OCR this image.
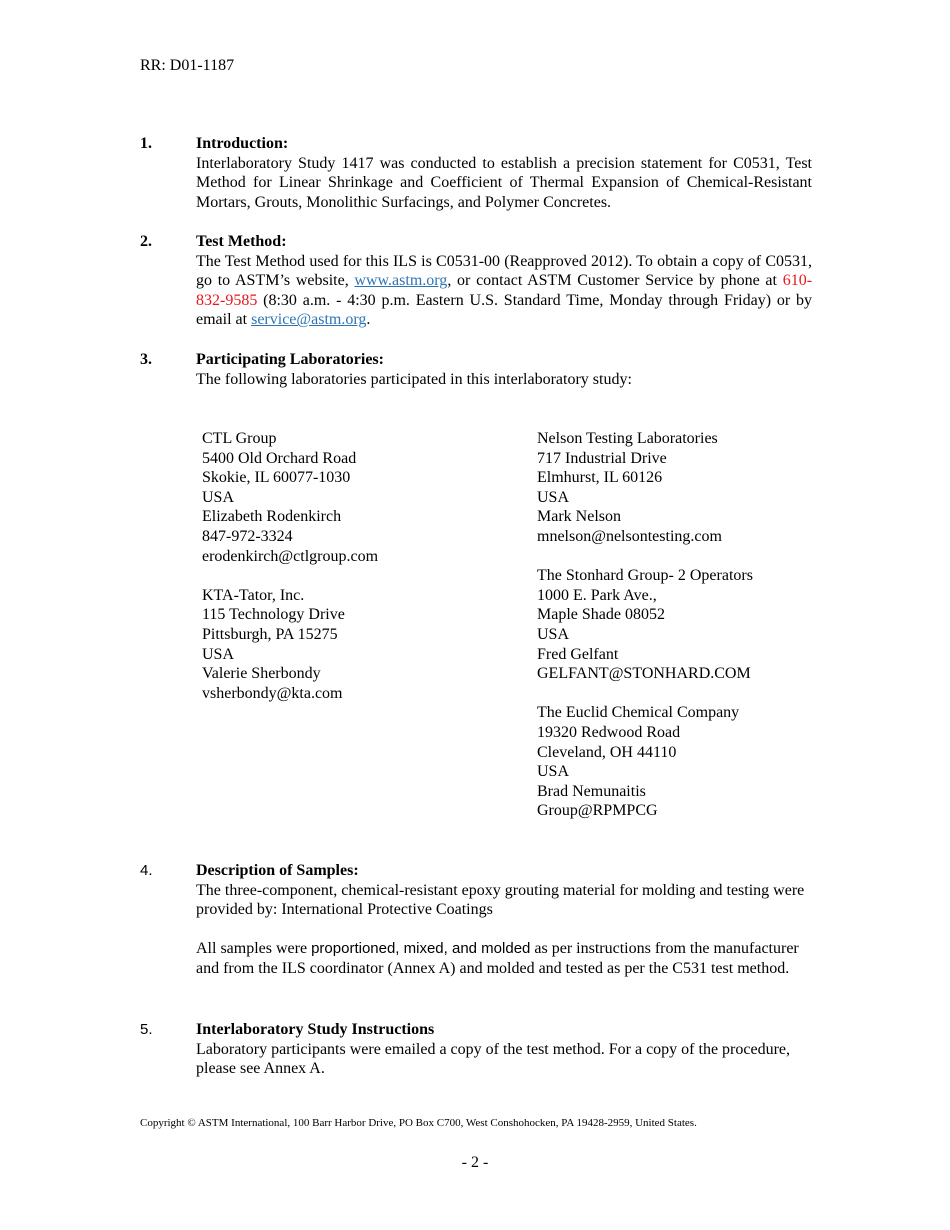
RR: D01-1187
1.	Introduction:
Interlaboratory Study 1417 was conducted to establish a precision statement for C0531, Test Method for Linear Shrinkage and Coefficient of Thermal Expansion of Chemical-Resistant Mortars, Grouts, Monolithic Surfacings, and Polymer Concretes.
2.	Test Method:
The Test Method used for this ILS is C0531-00 (Reapproved 2012). To obtain a copy of C0531, go to ASTM’s website, www.astm.org, or contact ASTM Customer Service by phone at 610-832-9585 (8:30 a.m. - 4:30 p.m. Eastern U.S. Standard Time, Monday through Friday) or by email at service@astm.org.
3.	Participating Laboratories:
The following laboratories participated in this interlaboratory study:
CTL Group
5400 Old Orchard Road
Skokie, IL 60077-1030
USA
Elizabeth Rodenkirch
847-972-3324
erodenkirch@ctlgroup.com
KTA-Tator, Inc.
115 Technology Drive
Pittsburgh, PA 15275
USA
Valerie Sherbondy
vsherbondy@kta.com
Nelson Testing Laboratories
717 Industrial Drive
Elmhurst, IL 60126
USA
Mark Nelson
mnelson@nelsontesting.com
The Stonhard Group- 2 Operators
1000 E. Park Ave.,
Maple Shade 08052
USA
Fred Gelfant
GELFANT@STONHARD.COM
The Euclid Chemical Company
19320 Redwood Road
Cleveland, OH 44110
USA
Brad Nemunaitis
Group@RPMPCG
4.	Description of Samples:
The three-component, chemical-resistant epoxy grouting material for molding and testing were provided by: International Protective Coatings
All samples were proportioned, mixed, and molded as per instructions from the manufacturer and from the ILS coordinator (Annex A) and molded and tested as per the C531 test method.
5.	Interlaboratory Study Instructions
Laboratory participants were emailed a copy of the test method. For a copy of the procedure, please see Annex A.
Copyright © ASTM International, 100 Barr Harbor Drive, PO Box C700, West Conshohocken, PA 19428-2959, United States.
- 2 -
